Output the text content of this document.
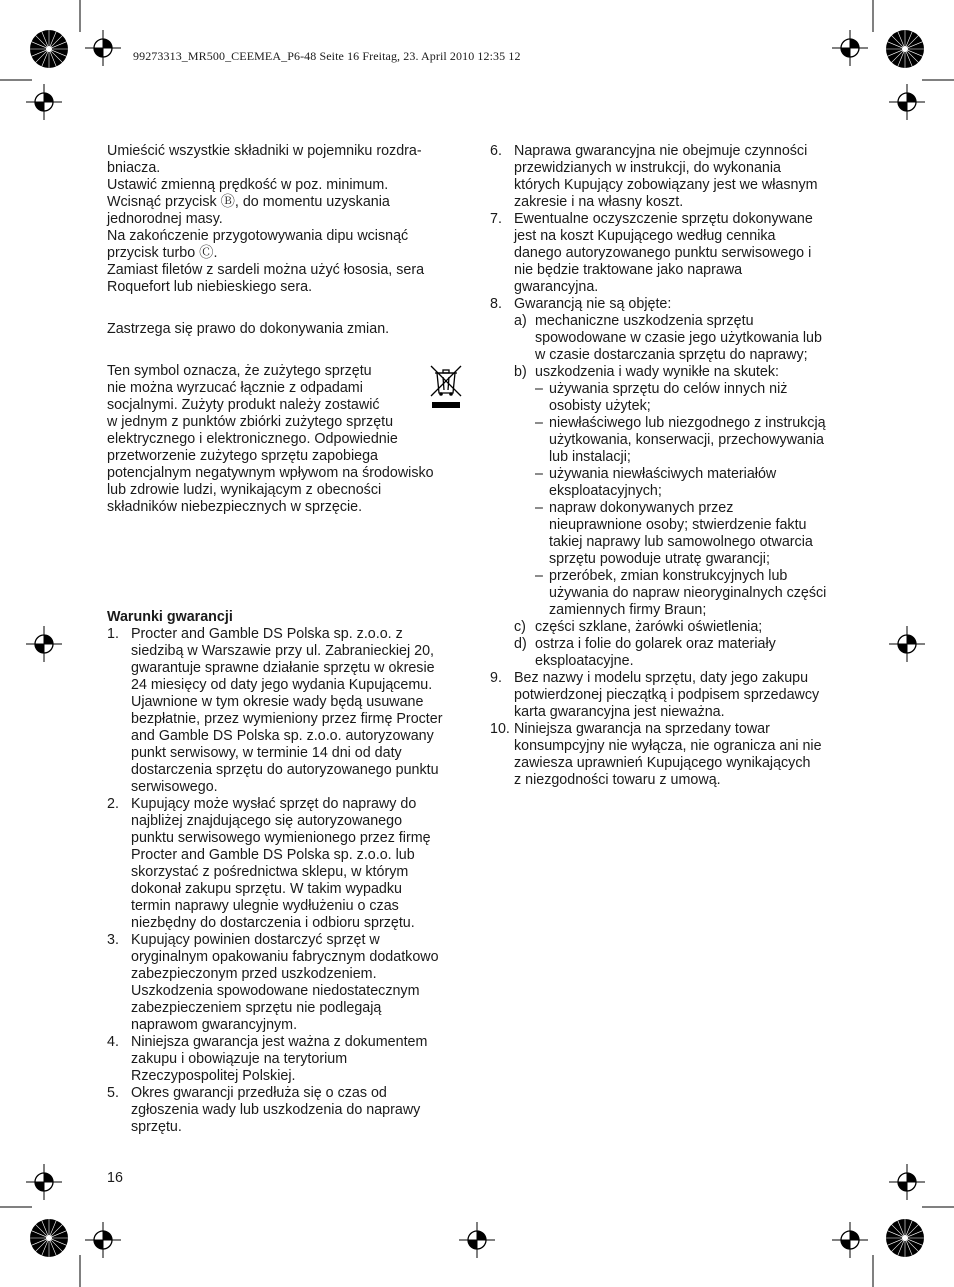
99273313_MR500_CEEMEA_P6-48 Seite 16 Freitag, 23. April 2010 12:35 12
Umieścić wszystkie składniki w pojemniku rozdra-
bniacza.
Ustawić zmienną prędkość w poz. minimum.
Wcisnąć przycisk Ⓑ, do momentu uzyskania
jednorodnej masy.
Na zakończenie przygotowywania dipu wcisnąć
przycisk turbo Ⓒ.
Zamiast filetów z sardeli można użyć łososia, sera
Roquefort lub niebieskiego sera.
Zastrzega się prawo do dokonywania zmian.
Ten symbol oznacza, że zużytego sprzętu
nie można wyrzucać łącznie z odpadami
socjalnymi. Zużyty produkt należy zostawić
w jednym z punktów zbiórki zużytego sprzętu
elektrycznego i elektronicznego. Odpowiednie
przetworzenie zużytego sprzętu zapobiega
potencjalnym negatywnym wpływom na środowisko
lub zdrowie ludzi, wynikającym z obecności
składników niebezpiecznych w sprzęcie.
Warunki gwarancji
1. Procter and Gamble DS Polska sp. z.o.o. z
siedzibą w Warszawie przy ul. Zabranieckiej 20,
gwarantuje sprawne działanie sprzętu w okresie
24 miesięcy od daty jego wydania Kupującemu.
Ujawnione w tym okresie wady będą usuwane
bezpłatnie, przez wymieniony przez firmę Procter
and Gamble DS Polska sp. z.o.o. autoryzowany
punkt serwisowy, w terminie 14 dni od daty
dostarczenia sprzętu do autoryzowanego punktu
serwisowego.
2. Kupujący może wysłać sprzęt do naprawy do
najbliżej znajdującego się autoryzowanego
punktu serwisowego wymienionego przez firmę
Procter and Gamble DS Polska sp. z.o.o. lub
skorzystać z pośrednictwa sklepu, w którym
dokonał zakupu sprzętu. W takim wypadku
termin naprawy ulegnie wydłużeniu o czas
niezbędny do dostarczenia i odbioru sprzętu.
3. Kupujący powinien dostarczyć sprzęt w
oryginalnym opakowaniu fabrycznym dodatkowo
zabezpieczonym przed uszkodzeniem.
Uszkodzenia spowodowane niedostatecznym
zabezpieczeniem sprzętu nie podlegają
naprawom gwarancyjnym.
4. Niniejsza gwarancja jest ważna z dokumentem
zakupu i obowiązuje na terytorium
Rzeczypospolitej Polskiej.
5. Okres gwarancji przedłuża się o czas od
zgłoszenia wady lub uszkodzenia do naprawy
sprzętu.
6. Naprawa gwarancyjna nie obejmuje czynności
przewidzianych w instrukcji, do wykonania
których Kupujący zobowiązany jest we własnym
zakresie i na własny koszt.
7. Ewentualne oczyszczenie sprzętu dokonywane
jest na koszt Kupującego według cennika
danego autoryzowanego punktu serwisowego i
nie będzie traktowane jako naprawa
gwarancyjna.
8. Gwarancją nie są objęte:
a) mechaniczne uszkodzenia sprzętu
spowodowane w czasie jego użytkowania lub
w czasie dostarczania sprzętu do naprawy;
b) uszkodzenia i wady wynikłe na skutek:
– używania sprzętu do celów innych niż
osobisty użytek;
– niewłaściwego lub niezgodnego z instrukcją
użytkowania, konserwacji, przechowywania
lub instalacji;
– używania niewłaściwych materiałów
eksploatacyjnych;
– napraw dokonywanych przez
nieuprawnione osoby; stwierdzenie faktu
takiej naprawy lub samowolnego otwarcia
sprzętu powoduje utratę gwarancji;
– przeróbek, zmian konstrukcyjnych lub
używania do napraw nieoryginalnych części
zamiennych firmy Braun;
c) części szklane, żarówki oświetlenia;
d) ostrza i folie do golarek oraz materiały
eksploatacyjne.
9. Bez nazwy i modelu sprzętu, daty jego zakupu
potwierdzonej pieczątką i podpisem sprzedawcy
karta gwarancyjna jest nieważna.
10. Niniejsza gwarancja na sprzedany towar
konsumpcyjny nie wyłącza, nie ogranicza ani nie
zawiesza uprawnień Kupującego wynikających
z niezgodności towaru z umową.
16
